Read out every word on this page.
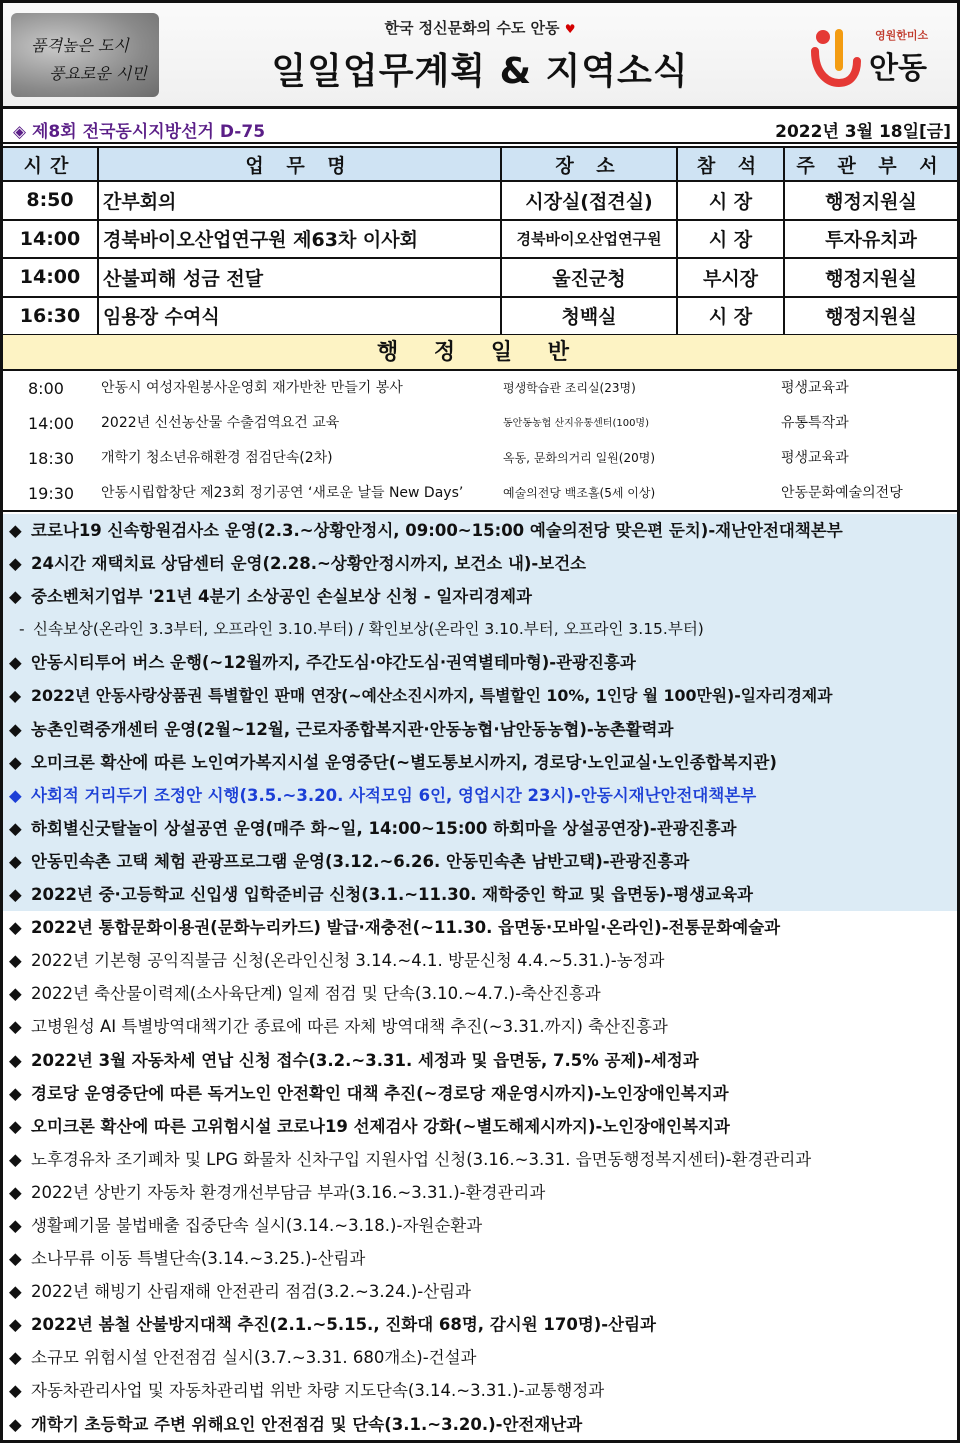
품격높은 도시
풍요로운 시민
한국 정신문화의 수도 안동 ♥
일일업무계획 & 지역소식
영원한미소
안동
◈ 제8회 전국동시지방선거 D-75	2022년 3월 18일[금]
시간	업 무 명	장 소	참 석	주 관 부 서
8:50	간부회의	시장실(접견실)	시 장	행정지원실
14:00	경북바이오산업연구원 제63차 이사회	경북바이오산업연구원	시 장	투자유치과
14:00	산불피해 성금 전달	울진군청	부시장	행정지원실
16:30	임용장 수여식	청백실	시 장	행정지원실
행 정 일 반
8:00	안동시 여성자원봉사운영회 재가반찬 만들기 봉사	평생학습관 조리실(23명)	평생교육과
14:00 2022년 신선농산물 수출검역요건 교육	동안동농협 산지유통센터(100명)	유통특작과
18:30 개학기 청소년유해환경 점검단속(2차)	옥동, 문화의거리 일원(20명)	평생교육과
19:30 안동시립합창단 제23회 정기공연 ‘새로운 날들 New Days’	예술의전당 백조홀(5세 이상)	안동문화예술의전당
◆ 코로나19 신속항원검사소 운영(2.3.~상황안정시, 09:00~15:00 예술의전당 맞은편 둔치)-재난안전대책본부
◆ 24시간 재택치료 상담센터 운영(2.28.~상황안정시까지, 보건소 내)-보건소
◆ 중소벤처기업부 '21년 4분기 소상공인 손실보상 신청 - 일자리경제과
- 신속보상(온라인 3.3부터, 오프라인 3.10.부터) / 확인보상(온라인 3.10.부터, 오프라인 3.15.부터)
◆ 안동시티투어 버스 운행(~12월까지, 주간도심·야간도심·권역별테마형)-관광진흥과
◆ 2022년 안동사랑상품권 특별할인 판매 연장(~예산소진시까지, 특별할인 10%, 1인당 월 100만원)-일자리경제과
◆ 농촌인력중개센터 운영(2월~12월, 근로자종합복지관·안동농협·남안동농협)-농촌활력과
◆ 오미크론 확산에 따른 노인여가복지시설 운영중단(~별도통보시까지, 경로당·노인교실·노인종합복지관)
◆ 사회적 거리두기 조정안 시행(3.5.~3.20. 사적모임 6인, 영업시간 23시)-안동시재난안전대책본부
◆ 하회별신굿탈놀이 상설공연 운영(매주 화~일, 14:00~15:00 하회마을 상설공연장)-관광진흥과
◆ 안동민속촌 고택 체험 관광프로그램 운영(3.12.~6.26. 안동민속촌 남반고택)-관광진흥과
◆ 2022년 중·고등학교 신입생 입학준비금 신청(3.1.~11.30. 재학중인 학교 및 읍면동)-평생교육과
◆ 2022년 통합문화이용권(문화누리카드) 발급·재충전(~11.30. 읍면동·모바일·온라인)-전통문화예술과
◆ 2022년 기본형 공익직불금 신청(온라인신청 3.14.~4.1. 방문신청 4.4.~5.31.)-농정과
◆ 2022년 축산물이력제(소사육단계) 일제 점검 및 단속(3.10.~4.7.)-축산진흥과
◆ 고병원성 AI 특별방역대책기간 종료에 따른 자체 방역대책 추진(~3.31.까지) 축산진흥과
◆ 2022년 3월 자동차세 연납 신청 접수(3.2.~3.31. 세정과 및 읍면동, 7.5% 공제)-세정과
◆ 경로당 운영중단에 따른 독거노인 안전확인 대책 추진(~경로당 재운영시까지)-노인장애인복지과
◆ 오미크론 확산에 따른 고위험시설 코로나19 선제검사 강화(~별도해제시까지)-노인장애인복지과
◆ 노후경유차 조기폐차 및 LPG 화물차 신차구입 지원사업 신청(3.16.~3.31. 읍면동행정복지센터)-환경관리과
◆ 2022년 상반기 자동차 환경개선부담금 부과(3.16.~3.31.)-환경관리과
◆ 생활폐기물 불법배출 집중단속 실시(3.14.~3.18.)-자원순환과
◆ 소나무류 이동 특별단속(3.14.~3.25.)-산림과
◆ 2022년 해빙기 산림재해 안전관리 점검(3.2.~3.24.)-산림과
◆ 2022년 봄철 산불방지대책 추진(2.1.~5.15., 진화대 68명, 감시원 170명)-산림과
◆ 소규모 위험시설 안전점검 실시(3.7.~3.31. 680개소)-건설과
◆ 자동차관리사업 및 자동차관리법 위반 차량 지도단속(3.14.~3.31.)-교통행정과
◆ 개학기 초등학교 주변 위해요인 안전점검 및 단속(3.1.~3.20.)-안전재난과
